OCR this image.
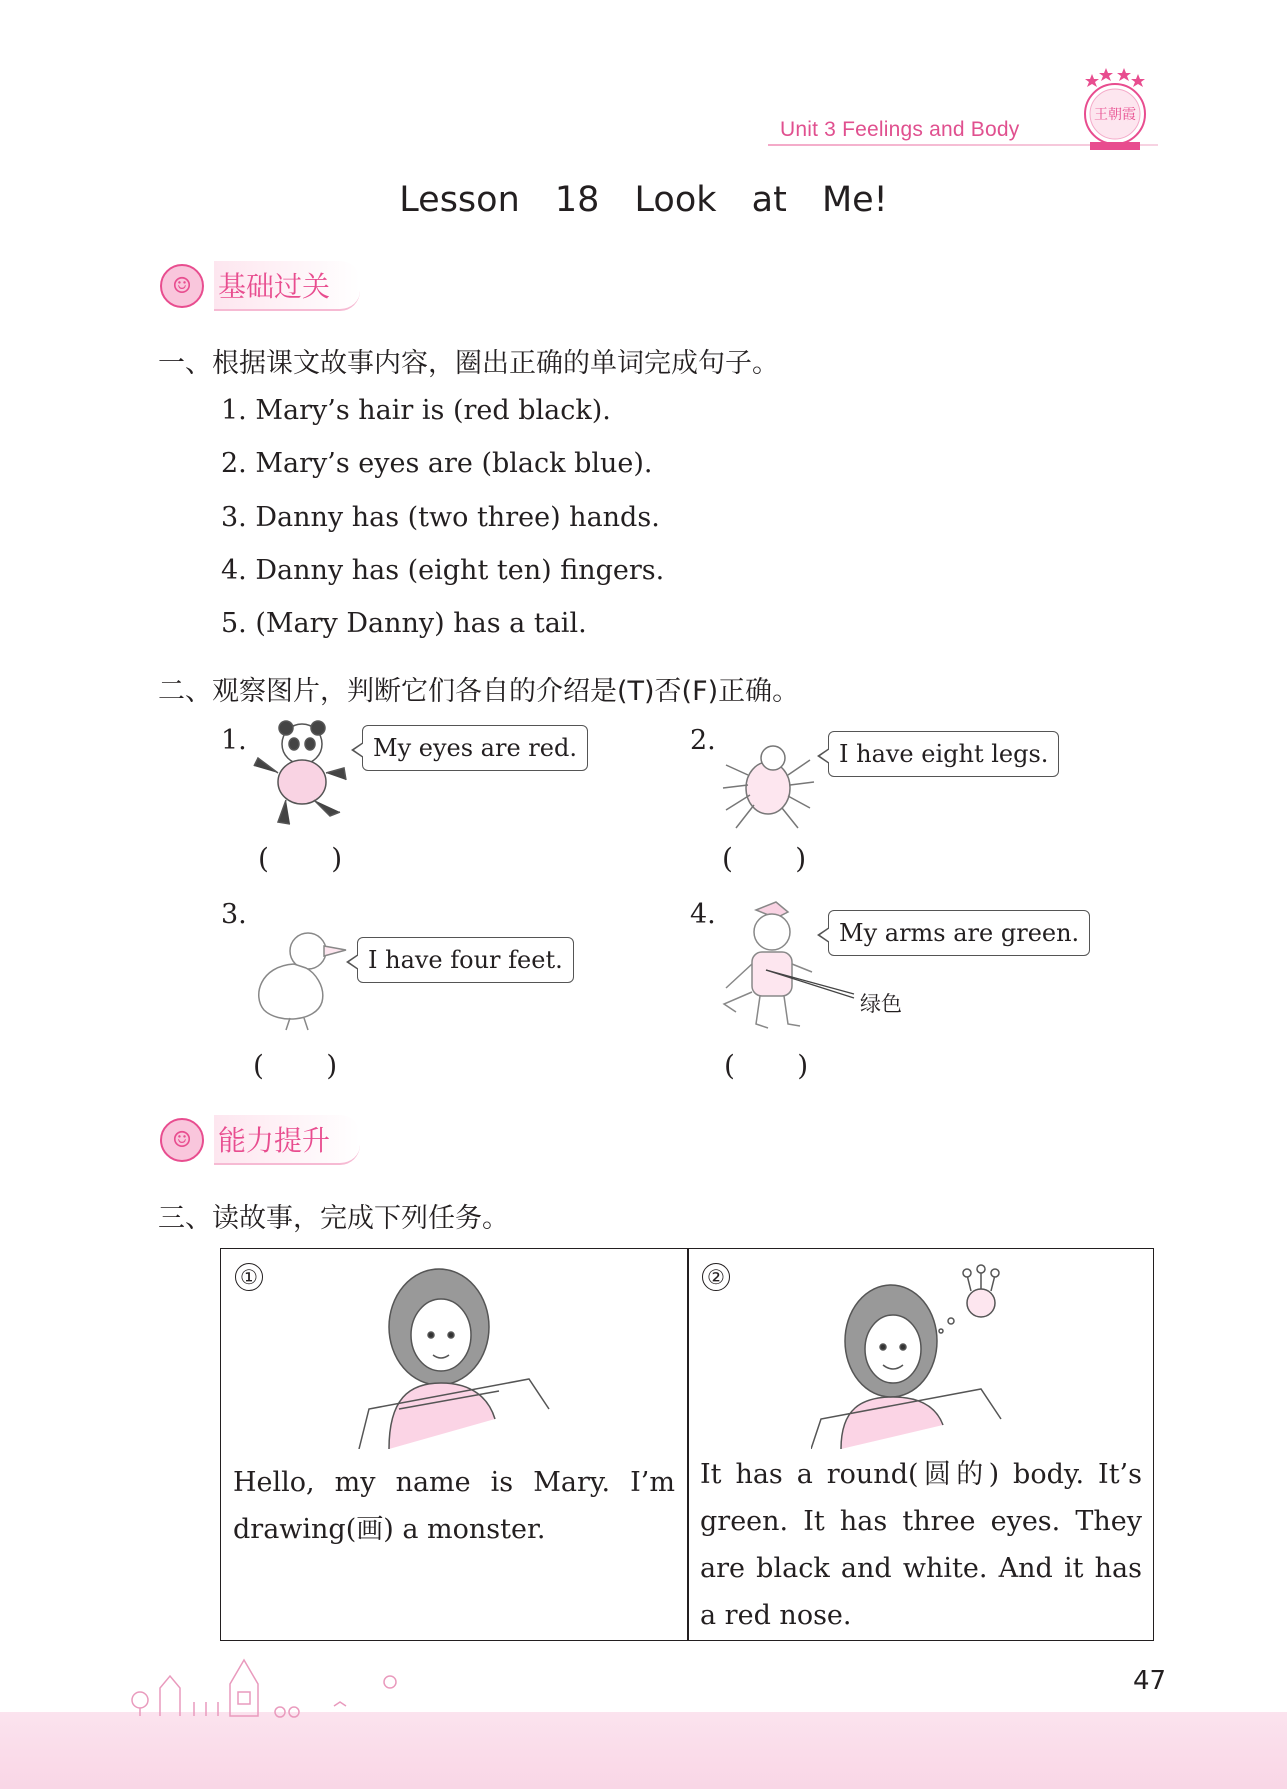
Unit 3 Feelings and Body
王朝霞
Lesson 18 Look at Me!
☺ 基础过关
一、根据课文故事内容，圈出正确的单词完成句子。
1. Mary’s hair is (red black).
2. Mary’s eyes are (black blue).
3. Danny has (two three) hands.
4. Danny has (eight ten) fingers.
5. (Mary Danny) has a tail.
二、观察图片，判断它们各自的介绍是(T)否(F)正确。
1.	My eyes are red.
(       )
2.	I have eight legs.
(       )
3.
I have four feet.
(       )
4.
My arms are green.
绿色
(       )
☺ 能力提升
三、读故事，完成下列任务。
①
Hello, my name is Mary. I’m drawing(画) a monster.
②
It has a round(圆的) body. It’s green. It has three eyes. They are black and white. And it has a red nose.
47
